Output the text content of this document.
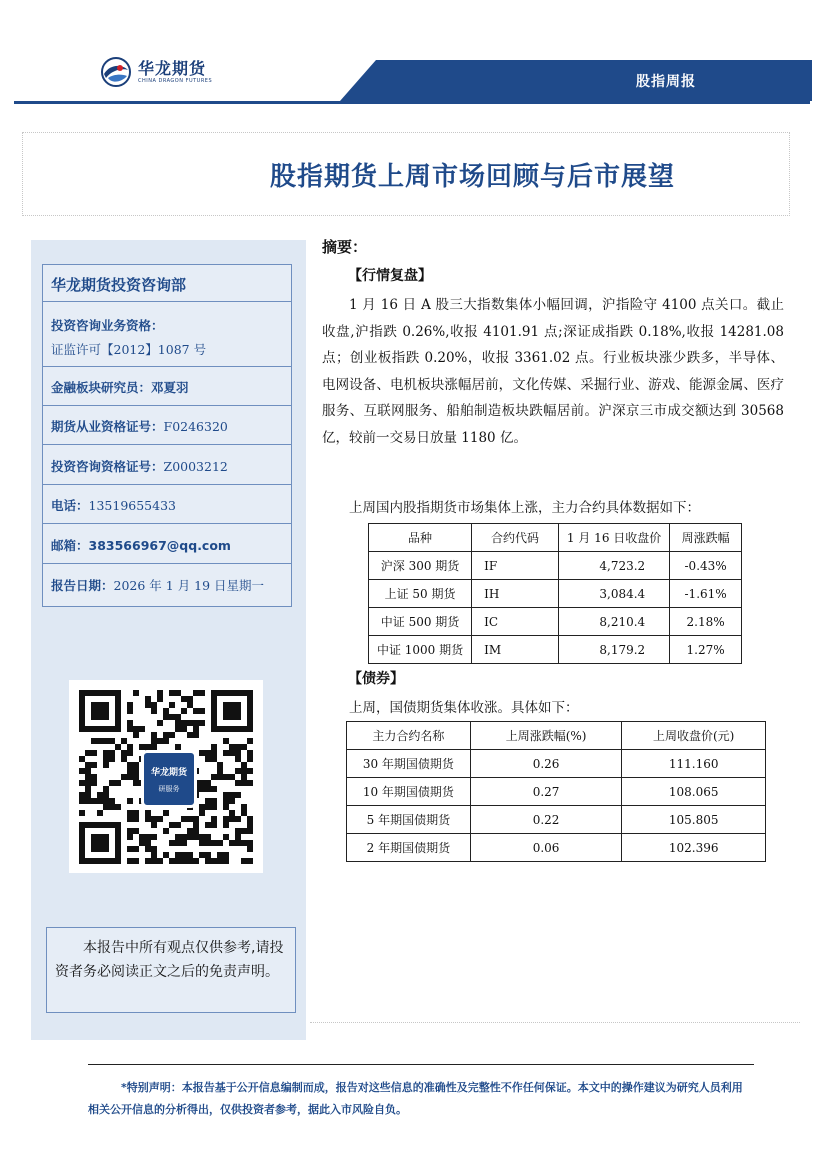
华龙期货
CHINA DRAGON FUTURES	股指周报
股指期货上周市场回顾与后市展望
华龙期货投资咨询部
投资咨询业务资格：
证监许可【2012】1087 号
金融板块研究员：邓夏羽
期货从业资格证号：F0246320
投资咨询资格证号：Z0003212
电话：13519655433
邮箱：383566967@qq.com
报告日期：2026 年 1 月 19 日星期一
华龙期货
研服务
本报告中所有观点仅供参考,请投资者务必阅读正文之后的免责声明。
摘要：
【行情复盘】
1 月 16 日 A 股三大指数集体小幅回调，沪指险守 4100 点关口。截止收盘,沪指跌 0.26%,收报 4101.91 点;深证成指跌 0.18%,收报 14281.08 点；创业板指跌 0.20%，收报 3361.02 点。行业板块涨少跌多，半导体、电网设备、电机板块涨幅居前，文化传媒、采掘行业、游戏、能源金属、医疗服务、互联网服务、船舶制造板块跌幅居前。沪深京三市成交额达到 30568 亿，较前一交易日放量 1180 亿。
上周国内股指期货市场集体上涨，主力合约具体数据如下：
品种	合约代码	1 月 16 日收盘价	周涨跌幅
沪深 300 期货	IF	4,723.2	-0.43%
上证 50 期货	IH	3,084.4	-1.61%
中证 500 期货	IC	8,210.4	2.18%
中证 1000 期货	IM	8,179.2	1.27%
【债券】
上周，国债期货集体收涨。具体如下：
主力合约名称	上周涨跌幅(%)	上周收盘价(元)
30 年期国债期货	0.26	111.160
10 年期国债期货	0.27	108.065
5 年期国债期货	0.22	105.805
2 年期国债期货	0.06	102.396
*特别声明：本报告基于公开信息编制而成，报告对这些信息的准确性及完整性不作任何保证。本文中的操作建议为研究人员利用相关公开信息的分析得出，仅供投资者参考，据此入市风险自负。
